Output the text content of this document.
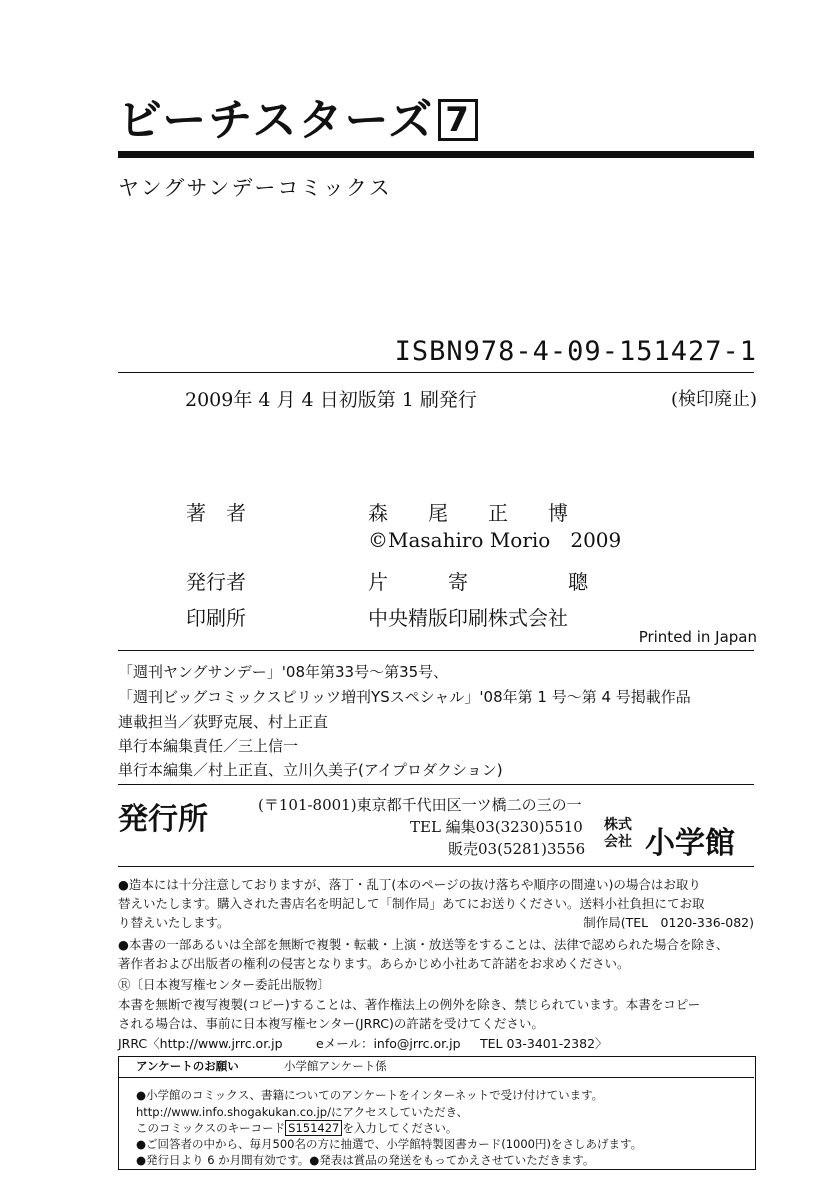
ビーチスターズ 7
ヤングサンデーコミックス
ISBN978-4-09-151427-1
2009年 4 月 4 日初版第 1 刷発行	(検印廃止)
著　者	森　　尾　　正　　博
©Masahiro Morio　2009
発行者	片　　　寄　　　　　聰
印刷所	中央精版印刷株式会社
Printed in Japan
「週刊ヤングサンデー」'08年第33号〜第35号、
「週刊ビッグコミックスピリッツ増刊YSスペシャル」'08年第 1 号〜第 4 号掲載作品
連載担当／荻野克展、村上正直
単行本編集責任／三上信一
単行本編集／村上正直、立川久美子(アイプロダクション)
発行所	(〒101-8001)東京都千代田区一ツ橋二の三の一
TEL 編集03(3230)5510
販売03(5281)3556
株式
会社 小学館
●造本には十分注意しておりますが、落丁・乱丁(本のページの抜け落ちや順序の間違い)の場合はお取り
替えいたします。購入された書店名を明記して「制作局」あてにお送りください。送料小社負担にてお取
り替えいたします。	制作局(TEL　0120-336-082)
●本書の一部あるいは全部を無断で複製・転載・上演・放送等をすることは、法律で認められた場合を除き、
著作者および出版者の権利の侵害となります。あらかじめ小社あて許諾をお求めください。
Ⓡ〔日本複写権センター委託出版物〕
本書を無断で複写複製(コピー)することは、著作権法上の例外を除き、禁じられています。本書をコピー
される場合は、事前に日本複写権センター(JRRC)の許諾を受けてください。
JRRC〈http://www.jrrc.or.jp	eメール：info@jrrc.or.jp TEL 03-3401-2382〉
アンケートのお願い	小学館アンケート係
●小学館のコミックス、書籍についてのアンケートをインターネットで受け付けています。
http://www.info.shogakukan.co.jp/にアクセスしていただき、
このコミックスのキーコード S151427 を入力してください。
●ご回答者の中から、毎月500名の方に抽選で、小学館特製図書カード(1000円)をさしあげます。
●発行日より 6 か月間有効です。●発表は賞品の発送をもってかえさせていただきます。
